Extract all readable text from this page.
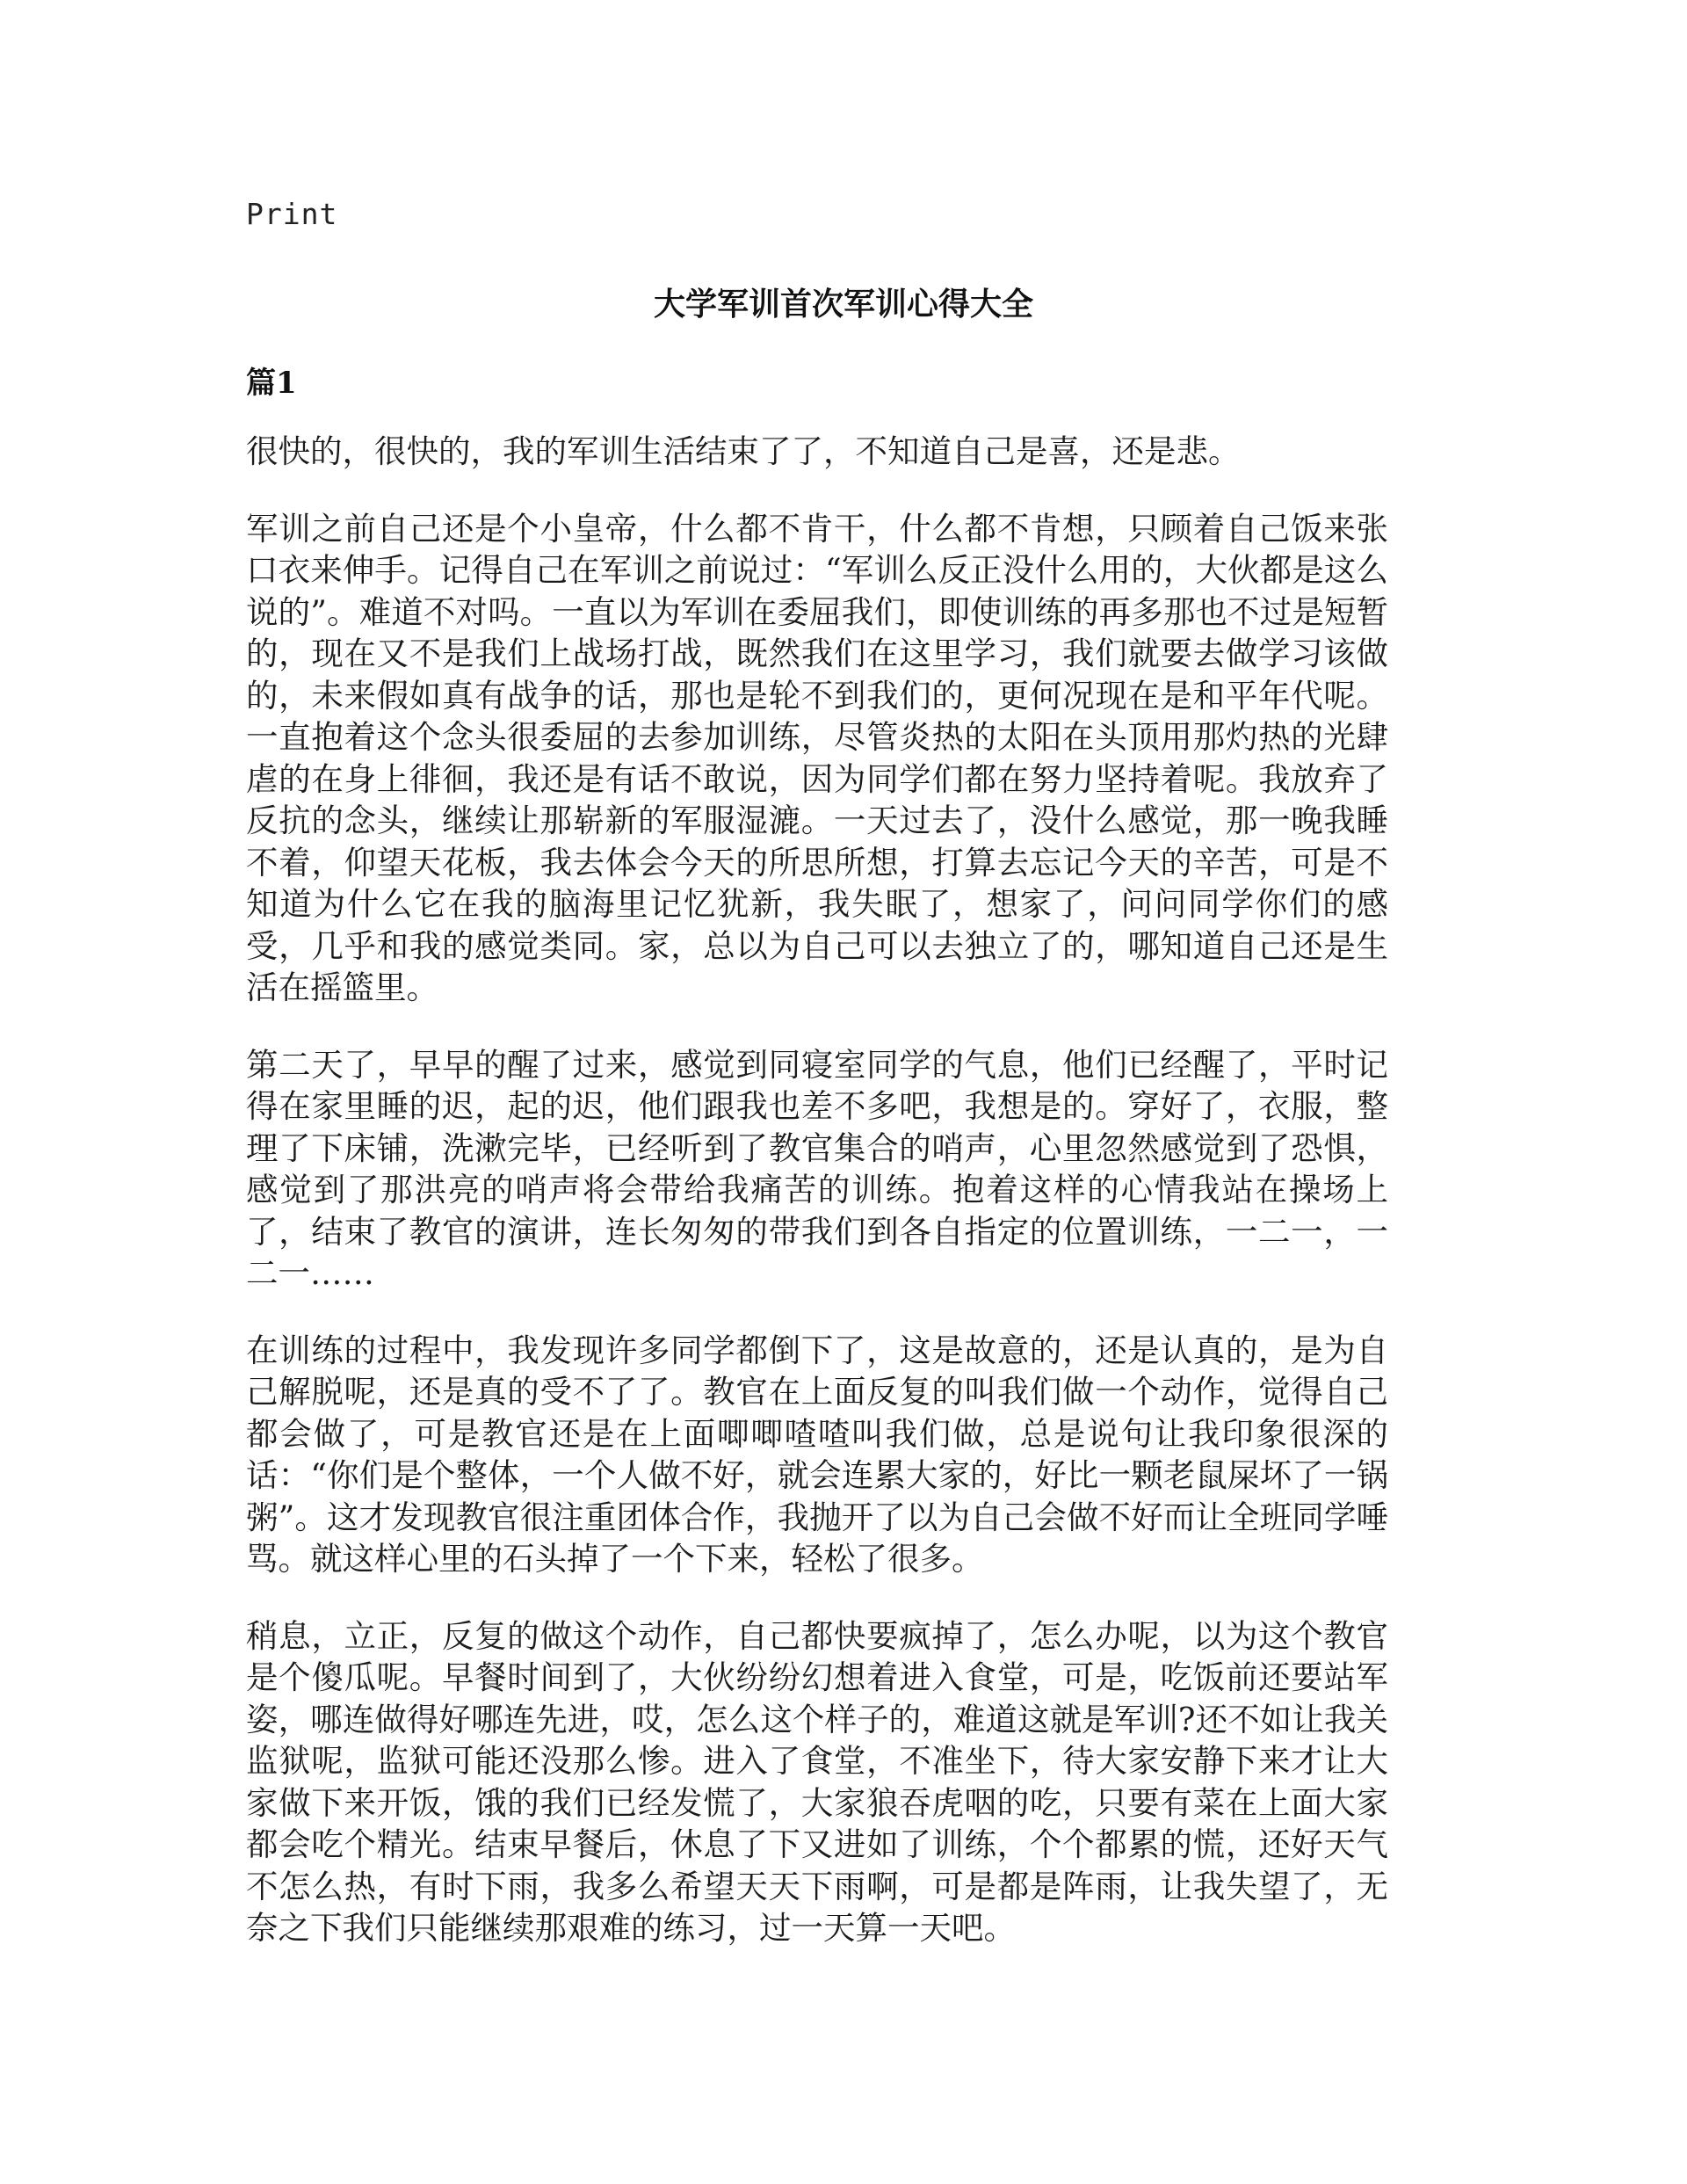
Print
大学军训首次军训心得大全
篇1

很快的，很快的，我的军训生活结束了了，不知道自己是喜，还是悲。

军训之前自己还是个小皇帝，什么都不肯干，什么都不肯想，只顾着自己饭来张口衣来伸手。记得自己在军训之前说过：“军训么反正没什么用的，大伙都是这么说的”。难道不对吗。一直以为军训在委屈我们，即使训练的再多那也不过是短暂的，现在又不是我们上战场打战，既然我们在这里学习，我们就要去做学习该做的，未来假如真有战争的话，那也是轮不到我们的，更何况现在是和平年代呢。一直抱着这个念头很委屈的去参加训练，尽管炎热的太阳在头顶用那灼热的光肆虐的在身上徘徊，我还是有话不敢说，因为同学们都在努力坚持着呢。我放弃了反抗的念头，继续让那崭新的军服湿漉。一天过去了，没什么感觉，那一晚我睡不着，仰望天花板，我去体会今天的所思所想，打算去忘记今天的辛苦，可是不知道为什么它在我的脑海里记忆犹新，我失眠了，想家了，问问同学你们的感受，几乎和我的感觉类同。家，总以为自己可以去独立了的，哪知道自己还是生活在摇篮里。

第二天了，早早的醒了过来，感觉到同寝室同学的气息，他们已经醒了，平时记得在家里睡的迟，起的迟，他们跟我也差不多吧，我想是的。穿好了，衣服，整理了下床铺，洗漱完毕，已经听到了教官集合的哨声，心里忽然感觉到了恐惧，感觉到了那洪亮的哨声将会带给我痛苦的训练。抱着这样的心情我站在操场上了，结束了教官的演讲，连长匆匆的带我们到各自指定的位置训练，一二一，一二一……

在训练的过程中，我发现许多同学都倒下了，这是故意的，还是认真的，是为自己解脱呢，还是真的受不了了。教官在上面反复的叫我们做一个动作，觉得自己都会做了，可是教官还是在上面唧唧喳喳叫我们做，总是说句让我印象很深的话：“你们是个整体，一个人做不好，就会连累大家的，好比一颗老鼠屎坏了一锅粥”。这才发现教官很注重团体合作，我抛开了以为自己会做不好而让全班同学唾骂。就这样心里的石头掉了一个下来，轻松了很多。

稍息，立正，反复的做这个动作，自己都快要疯掉了，怎么办呢，以为这个教官是个傻瓜呢。早餐时间到了，大伙纷纷幻想着进入食堂，可是，吃饭前还要站军姿，哪连做得好哪连先进，哎，怎么这个样子的，难道这就是军训?还不如让我关监狱呢，监狱可能还没那么惨。进入了食堂，不准坐下，待大家安静下来才让大家做下来开饭，饿的我们已经发慌了，大家狼吞虎咽的吃，只要有菜在上面大家都会吃个精光。结束早餐后，休息了下又进如了训练，个个都累的慌，还好天气不怎么热，有时下雨，我多么希望天天下雨啊，可是都是阵雨，让我失望了，无奈之下我们只能继续那艰难的练习，过一天算一天吧。
